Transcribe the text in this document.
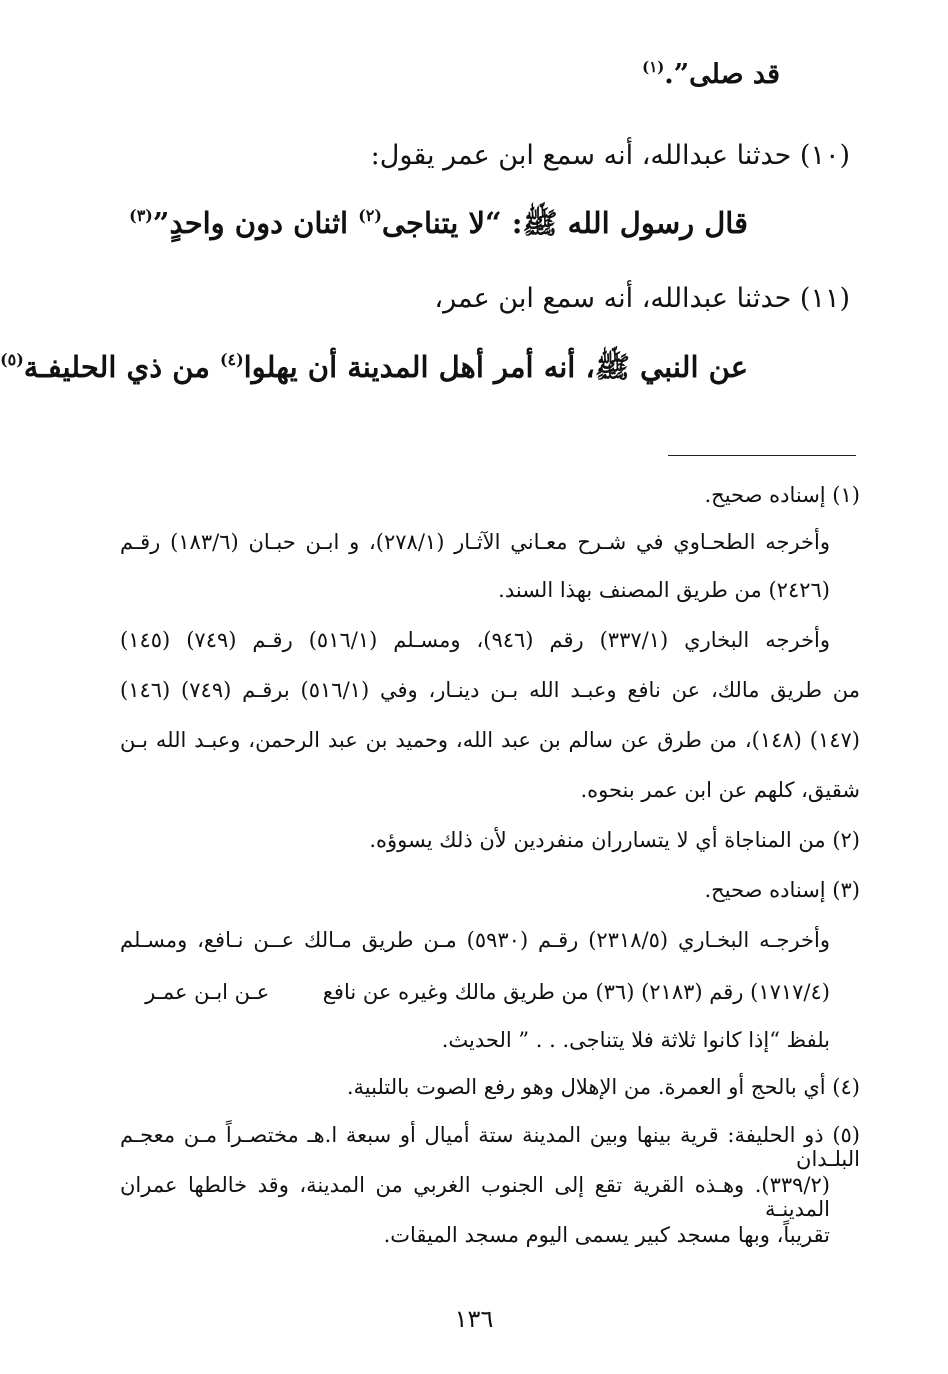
قد صلى”.$^{(١)}$
(١٠) حدثنا عبدالله، أنه سمع ابن عمر يقول:
قال رسول الله ﷺ: “لا يتناجى$^{(٢)}$ اثنان دون واحدٍ”$^{(٣)}$
(١١) حدثنا عبدالله، أنه سمع ابن عمر،
عن النبي ﷺ، أنه أمر أهل المدينة أن يهلوا$^{(٤)}$ من ذي الحليفـة$^{(٥)}$
(١) إسناده صحيح.
وأخرجه الطحـاوي في شـرح معـاني الآثـار (٢٧٨/١)، و ابـن حبـان (١٨٣/٦) رقـم
(٢٤٢٦) من طريق المصنف بهذا السند.
وأخرجه البخاري (٣٣٧/١) رقم (٩٤٦)، ومسـلم (٥١٦/١) رقـم (٧٤٩) (١٤٥)
من طريق مالك، عن نافع وعبـد الله بـن دينـار، وفي (٥١٦/١) برقـم (٧٤٩) (١٤٦)
(١٤٧) (١٤٨)، من طرق عن سالم بن عبد الله، وحميد بن عبد الرحمن، وعبـد الله بـن
شقيق، كلهم عن ابن عمر بنحوه.
(٢) من المناجاة أي لا يتسارران منفردين لأن ذلك يسوؤه.
(٣) إسناده صحيح.
وأخرجـه البخـاري (٢٣١٨/٥) رقـم (٥٩٣٠) مـن طريق مـالك عــن نـافع، ومسـلم
(١٧١٧/٤) رقم (٢١٨٣) (٣٦) من طريق مالك وغيره عن نافع        عـن ابـن عمـر
بلفظ “إذا كانوا ثلاثة فلا يتناجى. . . ” الحديث.
(٤) أي بالحج أو العمرة. من الإهلال وهو رفع الصوت بالتلبية.
(٥) ذو الحليفة: قرية بينها وبين المدينة ستة أميال أو سبعة ا.هـ مختصـراً مـن معجـم البلـدان
(٣٣٩/٢). وهـذه القرية تقع إلى الجنوب الغربي من المدينة، وقد خالطها عمران المدينـة
تقريباً، وبها مسجد كبير يسمى اليوم مسجد الميقات.
١٣٦
